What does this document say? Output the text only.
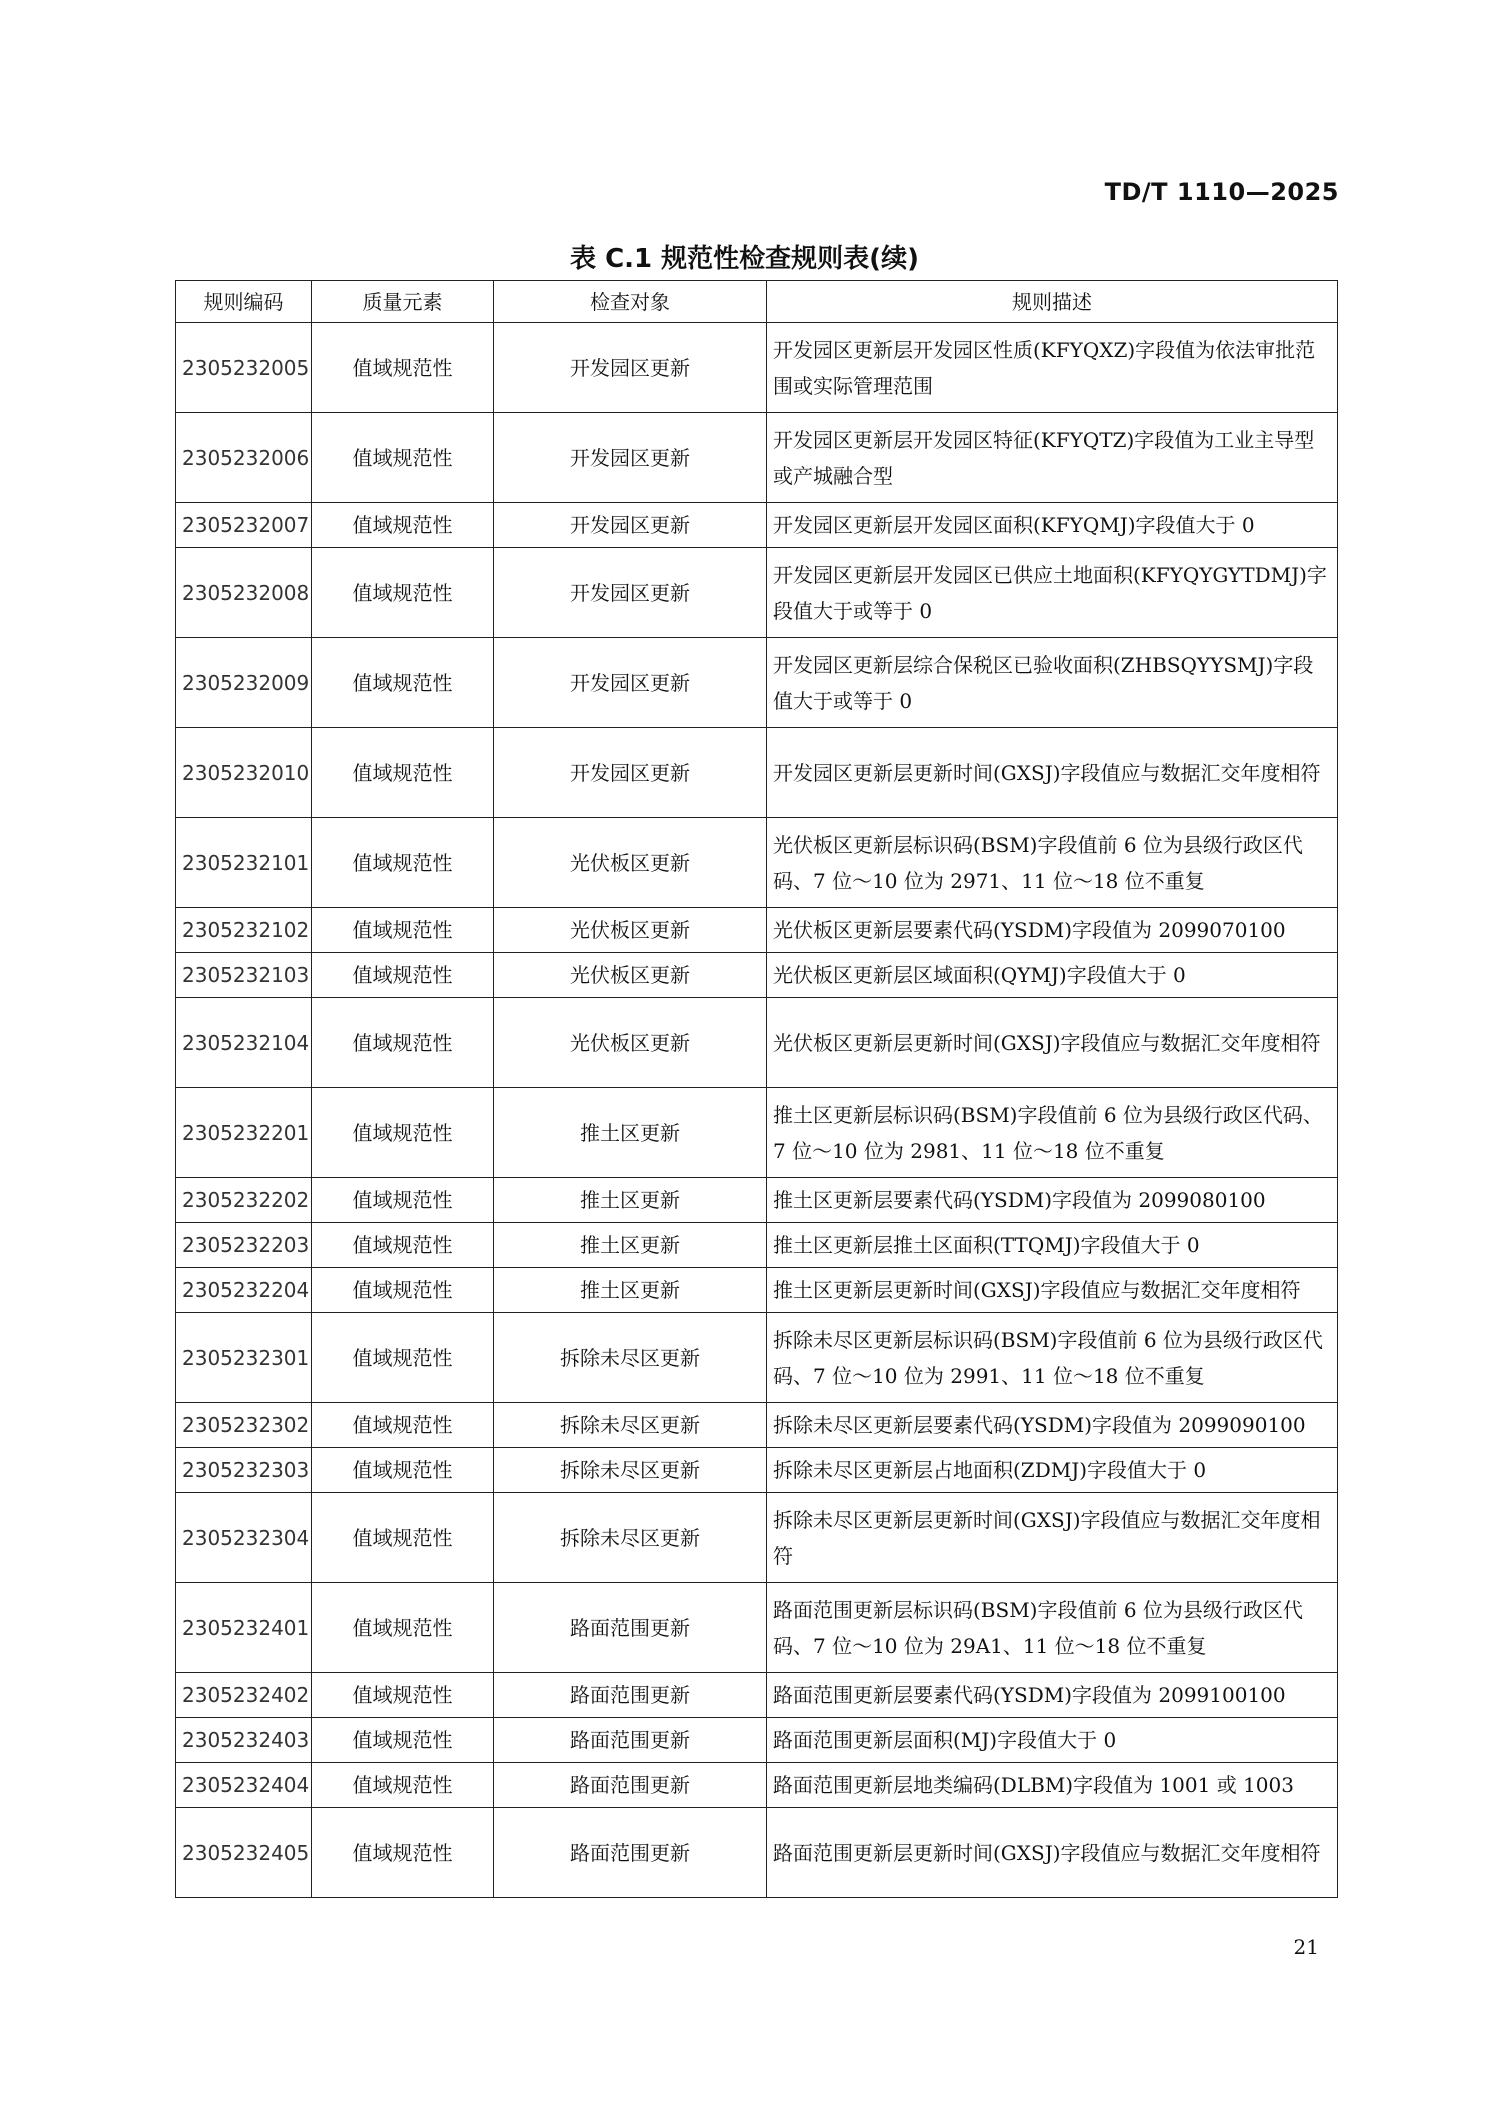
TD/T 1110—2025
表 C.1 规范性检查规则表(续)
规则编码	质量元素	检查对象	规则描述
2305232005	值域规范性	开发园区更新	开发园区更新层开发园区性质(KFYQXZ)字段值为依法审批范围或实际管理范围
2305232006	值域规范性	开发园区更新	开发园区更新层开发园区特征(KFYQTZ)字段值为工业主导型或产城融合型
2305232007	值域规范性	开发园区更新	开发园区更新层开发园区面积(KFYQMJ)字段值大于 0
2305232008	值域规范性	开发园区更新	开发园区更新层开发园区已供应土地面积(KFYQYGYTDMJ)字段值大于或等于 0
2305232009	值域规范性	开发园区更新	开发园区更新层综合保税区已验收面积(ZHBSQYYSMJ)字段值大于或等于 0
2305232010	值域规范性	开发园区更新	开发园区更新层更新时间(GXSJ)字段值应与数据汇交年度相符
2305232101	值域规范性	光伏板区更新	光伏板区更新层标识码(BSM)字段值前 6 位为县级行政区代码、7 位～10 位为 2971、11 位～18 位不重复
2305232102	值域规范性	光伏板区更新	光伏板区更新层要素代码(YSDM)字段值为 2099070100
2305232103	值域规范性	光伏板区更新	光伏板区更新层区域面积(QYMJ)字段值大于 0
2305232104	值域规范性	光伏板区更新	光伏板区更新层更新时间(GXSJ)字段值应与数据汇交年度相符
2305232201	值域规范性	推土区更新	推土区更新层标识码(BSM)字段值前 6 位为县级行政区代码、7 位～10 位为 2981、11 位～18 位不重复
2305232202	值域规范性	推土区更新	推土区更新层要素代码(YSDM)字段值为 2099080100
2305232203	值域规范性	推土区更新	推土区更新层推土区面积(TTQMJ)字段值大于 0
2305232204	值域规范性	推土区更新	推土区更新层更新时间(GXSJ)字段值应与数据汇交年度相符
2305232301	值域规范性	拆除未尽区更新	拆除未尽区更新层标识码(BSM)字段值前 6 位为县级行政区代码、7 位～10 位为 2991、11 位～18 位不重复
2305232302	值域规范性	拆除未尽区更新	拆除未尽区更新层要素代码(YSDM)字段值为 2099090100
2305232303	值域规范性	拆除未尽区更新	拆除未尽区更新层占地面积(ZDMJ)字段值大于 0
2305232304	值域规范性	拆除未尽区更新	拆除未尽区更新层更新时间(GXSJ)字段值应与数据汇交年度相符
2305232401	值域规范性	路面范围更新	路面范围更新层标识码(BSM)字段值前 6 位为县级行政区代码、7 位～10 位为 29A1、11 位～18 位不重复
2305232402	值域规范性	路面范围更新	路面范围更新层要素代码(YSDM)字段值为 2099100100
2305232403	值域规范性	路面范围更新	路面范围更新层面积(MJ)字段值大于 0
2305232404	值域规范性	路面范围更新	路面范围更新层地类编码(DLBM)字段值为 1001 或 1003
2305232405	值域规范性	路面范围更新	路面范围更新层更新时间(GXSJ)字段值应与数据汇交年度相符
21
